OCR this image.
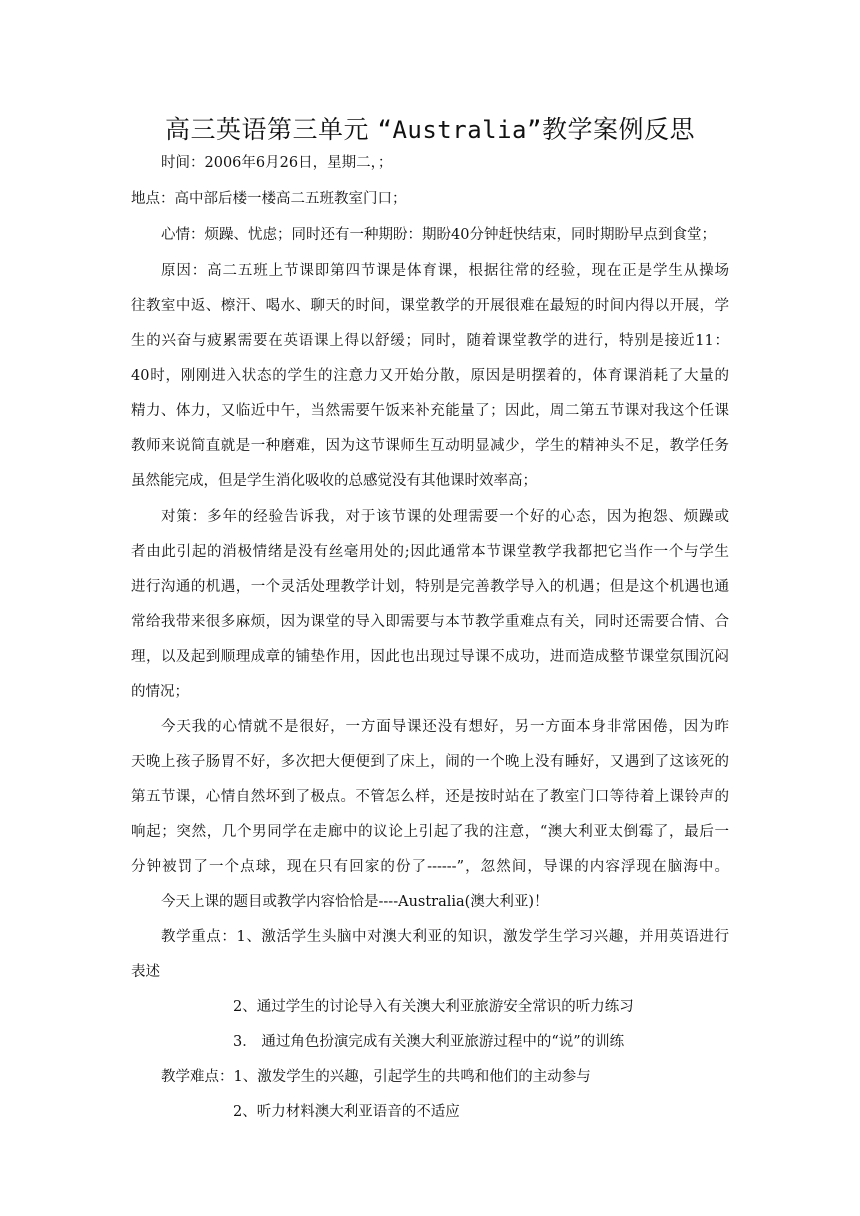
高三英语第三单元 “Australia”教学案例反思
时间：2006年6月26日，星期二，；
地点：高中部后楼一楼高二五班教室门口；
心情：烦躁、忧虑；同时还有一种期盼：期盼40分钟赶快结束，同时期盼早点到食堂；
原因：高二五班上节课即第四节课是体育课，根据往常的经验，现在正是学生从操场
往教室中返、檫汗、喝水、聊天的时间，课堂教学的开展很难在最短的时间内得以开展，学
生的兴奋与疲累需要在英语课上得以舒缓；同时，随着课堂教学的进行，特别是接近11：
40时，刚刚进入状态的学生的注意力又开始分散，原因是明摆着的，体育课消耗了大量的
精力、体力，又临近中午，当然需要午饭来补充能量了；因此，周二第五节课对我这个任课
教师来说简直就是一种磨难，因为这节课师生互动明显减少，学生的精神头不足，教学任务
虽然能完成，但是学生消化吸收的总感觉没有其他课时效率高；
对策：多年的经验告诉我，对于该节课的处理需要一个好的心态，因为抱怨、烦躁或
者由此引起的消极情绪是没有丝毫用处的;因此通常本节课堂教学我都把它当作一个与学生
进行沟通的机遇，一个灵活处理教学计划，特别是完善教学导入的机遇；但是这个机遇也通
常给我带来很多麻烦，因为课堂的导入即需要与本节教学重难点有关，同时还需要合情、合
理，以及起到顺理成章的铺垫作用，因此也出现过导课不成功，进而造成整节课堂氛围沉闷
的情况；
今天我的心情就不是很好，一方面导课还没有想好，另一方面本身非常困倦，因为昨
天晚上孩子肠胃不好，多次把大便便到了床上，闹的一个晚上没有睡好，又遇到了这该死的
第五节课，心情自然坏到了极点。不管怎么样，还是按时站在了教室门口等待着上课铃声的
响起；突然，几个男同学在走廊中的议论上引起了我的注意，“澳大利亚太倒霉了，最后一
分钟被罚了一个点球，现在只有回家的份了------”，忽然间，导课的内容浮现在脑海中。
今天上课的题目或教学内容恰恰是----Australia(澳大利亚)！
教学重点：1、激活学生头脑中对澳大利亚的知识，激发学生学习兴趣，并用英语进行
表述
2、通过学生的讨论导入有关澳大利亚旅游安全常识的听力练习
3． 通过角色扮演完成有关澳大利亚旅游过程中的“说”的训练
教学难点：1、激发学生的兴趣，引起学生的共鸣和他们的主动参与
2、听力材料澳大利亚语音的不适应
